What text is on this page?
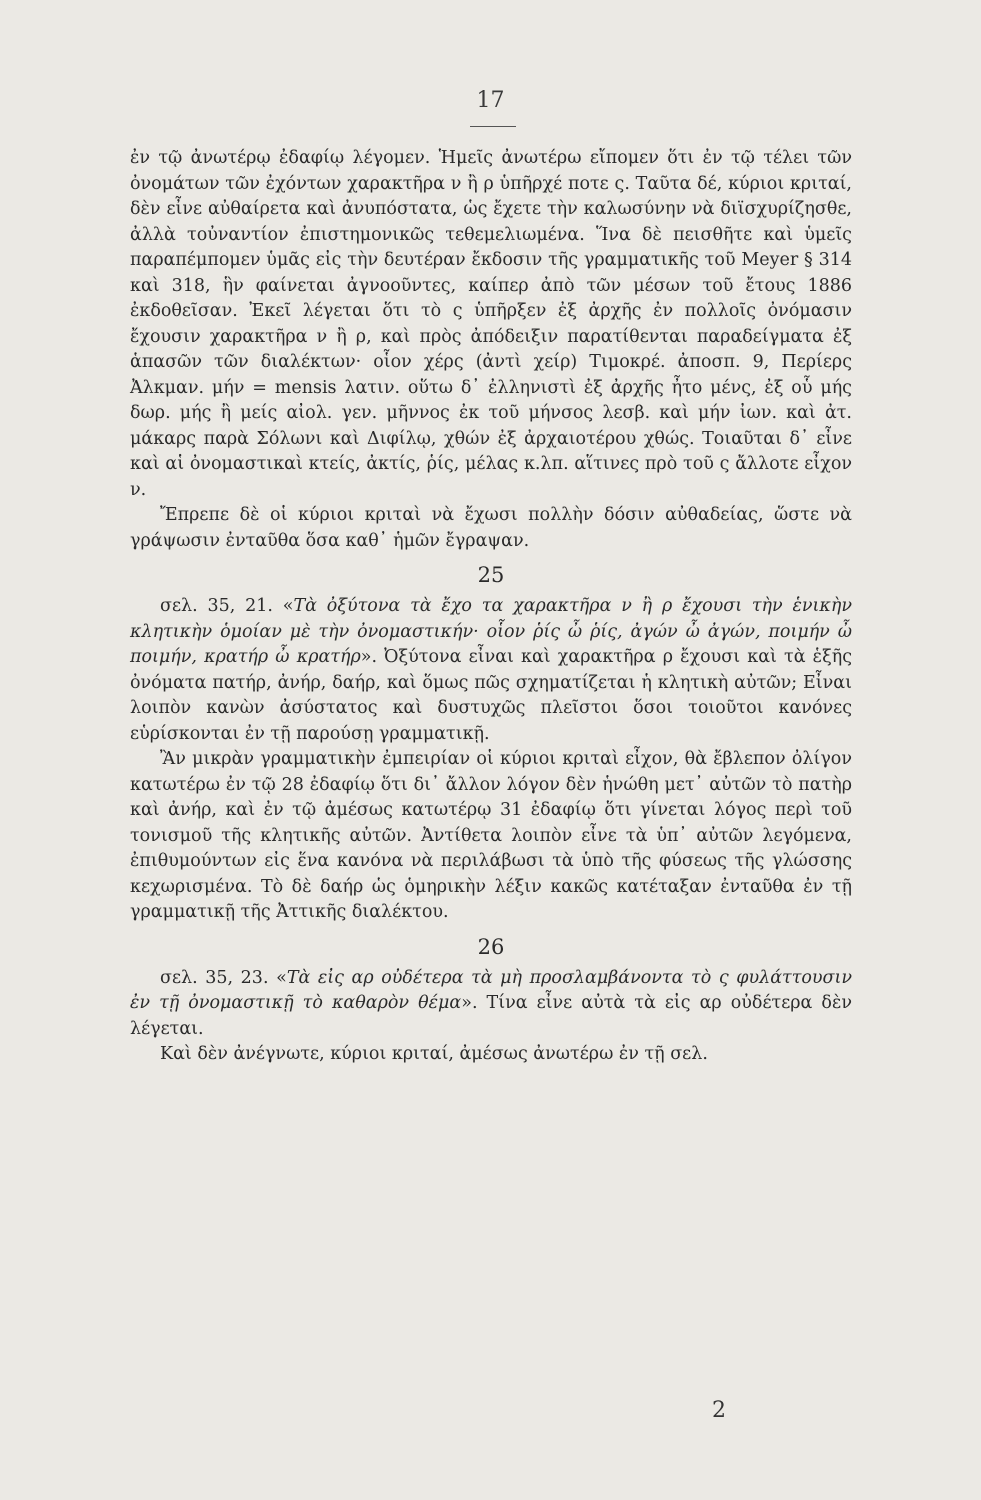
17

ἐν τῷ ἀνωτέρῳ ἐδαφίῳ λέγομεν. Ἡμεῖς ἀνωτέρω εἴπομεν ὅτι ἐν τῷ τέλει τῶν ὀνομάτων τῶν ἐχόντων χαρακτῆρα ν ἢ ρ ὑπῆρχέ ποτε ς. Ταῦτα δέ, κύριοι κριταί, δὲν εἶνε αὐθαίρετα καὶ ἀνυπόστατα, ὡς ἔχετε τὴν καλωσύνην νὰ διϊσχυρίζησθε, ἀλλὰ τοὐναντίον ἐπιστημονικῶς τεθεμελιωμένα. Ἵνα δὲ πεισθῆτε καὶ ὑμεῖς παραπέμπομεν ὑμᾶς εἰς τὴν δευτέραν ἔκδοσιν τῆς γραμματικῆς τοῦ Meyer § 314 καὶ 318, ἣν φαίνεται ἀγνοοῦντες, καίπερ ἀπὸ τῶν μέσων τοῦ ἔτους 1886 ἐκδοθεῖσαν. Ἐκεῖ λέγεται ὅτι τὸ ς ὑπῆρξεν ἐξ ἀρχῆς ἐν πολλοῖς ὀνόμασιν ἔχουσιν χαρακτῆρα ν ἢ ρ, καὶ πρὸς ἀπόδειξιν παρατίθενται παραδείγματα ἐξ ἁπασῶν τῶν διαλέκτων· οἷον χέρς (ἀντὶ χείρ) Τιμοκρέ. ἀποσπ. 9, Περίερς Ἀλκμαν. μήν = mensis λατιν. οὕτω δ᾽ ἐλληνιστὶ ἐξ ἀρχῆς ἦτο μένς, ἐξ οὗ μής δωρ. μής ἢ μείς αἰολ. γεν. μῆννος ἐκ τοῦ μήνσος λεσβ. καὶ μήν ἰων. καὶ ἀτ. μάκαρς παρὰ Σόλωνι καὶ Διφίλῳ, χθών ἐξ ἀρχαιοτέρου χθώς. Τοιαῦται δ᾽ εἶνε καὶ αἱ ὀνομαστικαὶ κτείς, ἀκτίς, ῥίς, μέλας κ.λπ. αἵτινες πρὸ τοῦ ς ἄλλοτε εἶχον ν.

Ἔπρεπε δὲ οἱ κύριοι κριταὶ νὰ ἔχωσι πολλὴν δόσιν αὐθαδείας, ὥστε νὰ γράψωσιν ἐνταῦθα ὅσα καθ᾽ ἡμῶν ἔγραψαν.

25

σελ. 35, 21. «Τὰ ὀξύτονα τὰ ἔχο τα χαρακτῆρα ν ἢ ρ ἔχουσι τὴν ἑνικὴν κλητικὴν ὁμοίαν μὲ τὴν ὀνομαστικήν· οἷον ῥίς ὦ ῥίς, ἀγών ὦ ἀγών, ποιμήν ὦ ποιμήν, κρατήρ ὦ κρατήρ». Ὀξύτονα εἶναι καὶ χαρακτῆρα ρ ἔχουσι καὶ τὰ ἑξῆς ὀνόματα πατήρ, ἀνήρ, δαήρ, καὶ ὅμως πῶς σχηματίζεται ἡ κλητικὴ αὐτῶν; Εἶναι λοιπὸν κανὼν ἀσύστατος καὶ δυστυχῶς πλεῖστοι ὅσοι τοιοῦτοι κανόνες εὑρίσκονται ἐν τῇ παρούσῃ γραμματικῇ.

Ἂν μικρὰν γραμματικὴν ἐμπειρίαν οἱ κύριοι κριταὶ εἶχον, θὰ ἔβλεπον ὀλίγον κατωτέρω ἐν τῷ 28 ἐδαφίῳ ὅτι δι᾽ ἄλλον λόγον δὲν ἡνώθη μετ᾽ αὐτῶν τὸ πατὴρ καὶ ἀνήρ, καὶ ἐν τῷ ἀμέσως κατωτέρῳ 31 ἐδαφίῳ ὅτι γίνεται λόγος περὶ τοῦ τονισμοῦ τῆς κλητικῆς αὐτῶν. Ἀντίθετα λοιπὸν εἶνε τὰ ὑπ᾽ αὐτῶν λεγόμενα, ἐπιθυμούντων εἰς ἕνα κανόνα νὰ περιλάβωσι τὰ ὑπὸ τῆς φύσεως τῆς γλώσσης κεχωρισμένα. Τὸ δὲ δαήρ ὡς ὁμηρικὴν λέξιν κακῶς κατέταξαν ἐνταῦθα ἐν τῇ γραμματικῇ τῆς Ἀττικῆς διαλέκτου.

26

σελ. 35, 23. «Τὰ εἰς αρ οὐδέτερα τὰ μὴ προσλαμβάνοντα τὸ ς φυλάττουσιν ἐν τῇ ὀνομαστικῇ τὸ καθαρὸν θέμα». Τίνα εἶνε αὐτὰ τὰ εἰς αρ οὐδέτερα δὲν λέγεται.

Καὶ δὲν ἀνέγνωτε, κύριοι κριταί, ἀμέσως ἀνωτέρω ἐν τῇ σελ.

2
